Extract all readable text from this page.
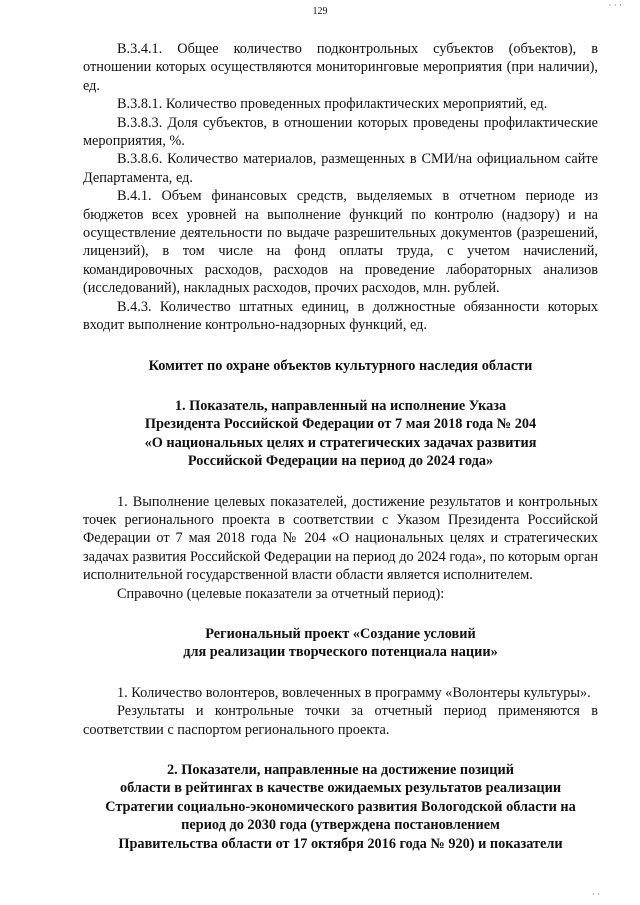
· · ·
129

В.3.4.1. Общее количество подконтрольных субъектов (объектов), в отношении которых осуществляются мониторинговые мероприятия (при наличии), ед.

В.3.8.1. Количество проведенных профилактических мероприятий, ед.

В.3.8.3. Доля субъектов, в отношении которых проведены профилактические мероприятия, %.

В.3.8.6. Количество материалов, размещенных в СМИ/на официальном сайте Департамента, ед.

В.4.1. Объем финансовых средств, выделяемых в отчетном периоде из бюджетов всех уровней на выполнение функций по контролю (надзору) и на осуществление деятельности по выдаче разрешительных документов (разрешений, лицензий), в том числе на фонд оплаты труда, с учетом начислений, командировочных расходов, расходов на проведение лабораторных анализов (исследований), накладных расходов, прочих расходов, млн. рублей.

В.4.3. Количество штатных единиц, в должностные обязанности которых входит выполнение контрольно-надзорных функций, ед.

Комитет по охране объектов культурного наследия области
1. Показатель, направленный на исполнение Указа
Президента Российской Федерации от 7 мая 2018 года № 204
«О национальных целях и стратегических задачах развития
Российской Федерации на период до 2024 года»

1. Выполнение целевых показателей, достижение результатов и контрольных точек регионального проекта в соответствии с Указом Президента Российской Федерации от 7 мая 2018 года № 204 «О национальных целях и стратегических задачах развития Российской Федерации на период до 2024 года», по которым орган исполнительной государственной власти области является исполнителем.

Справочно (целевые показатели за отчетный период):

Региональный проект «Создание условий
для реализации творческого потенциала нации»

1. Количество волонтеров, вовлеченных в программу «Волонтеры культуры».

Результаты и контрольные точки за отчетный период применяются в соответствии с паспортом регионального проекта.

2. Показатели, направленные на достижение позиций
области в рейтингах в качестве ожидаемых результатов реализации
Стратегии социально-экономического развития Вологодской области на
период до 2030 года (утверждена постановлением
Правительства области от 17 октября 2016 года № 920) и показатели
· ·
